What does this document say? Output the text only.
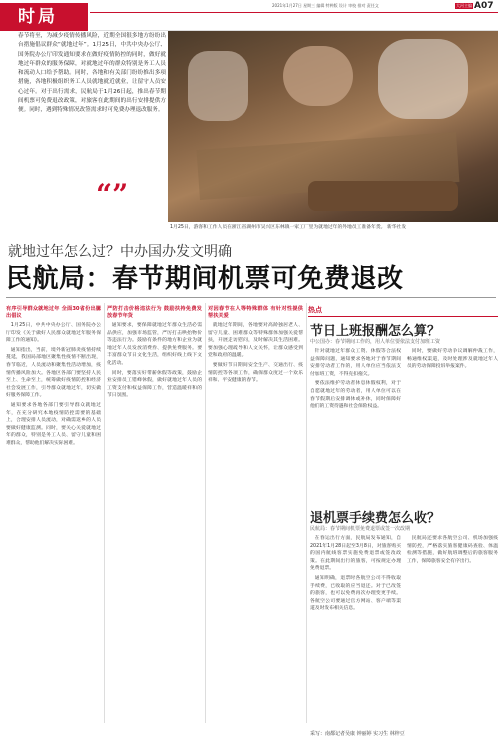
时局
2021年1月27日 星期三 编辑 特种版 设计 审校 排对 责任文	大河主编 A07
春节将至，为减少疫情传播风险，近期全国很多地方纷纷出台措施倡议群众“就地过年”。1月25日，中共中央办公厅、国务院办公厅印发通知要求在做好疫情防控的同时，做好就地过年群众的服务保障，对就地过年的群众特别是务工人员和流动人口给予帮助。同时，各地和有关部门纷纷推出多项措施，各地积极组织务工人员就地就近就业，让留守人员安心过年。对于出行需求，民航局于1月26日起，推出春节期间机票可免费退改政策，对旅客在此期间的出行安排提供方便。同时，遇到特殊情况改签需求时可免费办理退改服务。
“”
1月25日，游客和工作人员在浙江省湖州市吴兴区东林镇一家工厂里为就地过年的外地员工准备年货。 新华社发
就地过年怎么过？中办国办发文明确
民航局：春节期间机票可免费退改
有序引导群众就地过年 全面30省份出臆出倡议

1月25日，中共中央办公厅、国务院办公厅印发《关于做好人民群众就地过年服务保障工作的通知》。

通知指出，当前，境外新冠肺炎疫情持续蔓延，我国局部地区聚集性疫情不断出现，春节临近，人员流动和聚集性活动增加，疫情传播风险加大。各地区各部门要坚持人民至上、生命至上，统筹做好疫情防控和经济社会发展工作，引导群众就地过年，切实做好服务保障工作。

通知要求各地各部门要引导群众就地过年，在充分研究本地疫情防控需要的基础上，合理安排人员流动，对确需返乡的人员要做好健康监测。同时，要关心关爱就地过年的群众，特别是务工人员、留守儿童和困难群众，帮助他们解决实际困难。

严防打击价格违法行为 鼓励扶持免费发放春节年货

通知要求，要保障就地过年群众生活必需品供应，加强市场监管，严厉打击哄抬物价等违法行为。鼓励有条件的地方和企业为就地过年人员发放消费券、提供免费服务。要丰富群众节日文化生活，组织好线上线下文化活动。

同时，要落实好带薪休假等政策，鼓励企业安排员工错峰休假，做好就地过年人员的工资支付和权益保障工作，营造温暖祥和的节日氛围。

对因春节在人等特殊群体 有针对性提供帮扶关爱

就地过年期间，各地要对高龄独居老人、留守儿童、困难群众等特殊群体加强关爱帮扶，开展走访慰问，及时解决其生活困难。要加强心理疏导和人文关怀，让群众感受到党和政府的温暖。

要做好节日期间安全生产、交通出行、疫情防控等各项工作，确保群众度过一个欢乐祥和、平安健康的春节。

热点
节日上班报酬怎么算？
中公国办：春节期间工作的，用人单位要依法支付加班工资

针对就地过年群众工资、休假等合法权益保障问题，通知要求各地对于春节期间安排劳动者工作的，用人单位应当依法支付加班工资，不得克扣拖欠。

要依法维护劳动者休息休假权利，对于自愿就地过年的劳动者，用人单位可以在春节假期后安排调休或补休，同时保障好他们的工资待遇和社会保险权益。

同时，要做好劳动争议调解仲裁工作，畅通维权渠道，及时处理涉及就地过年人员的劳动保障投诉举报案件。

退机票手续费怎么收？
民航局：春节期间机票免费退票或签一次改期

在春运出行方面，民航局发布通知，自2021年1月28日起至3月8日，对旅客购买的国内航线客票实施免费退票或签改政策。在此期间出行的旅客，可按规定办理免费退票。

通知明确，退票时各航空公司不得收取手续费，已收取的应当退还。对于已改签的旅客，也可以免费再次办理变更手续。各航空公司要通过官方网站、客户端等渠道及时发布相关信息。

民航局还要求各航空公司、机场加强疫情防控，严格落实旅客健康码查验、体温检测等措施，做好航班调整后的旅客服务工作，保障旅客安全有序出行。

采写：南都记者吴康 钟丽婷 实习生 林梓豆
